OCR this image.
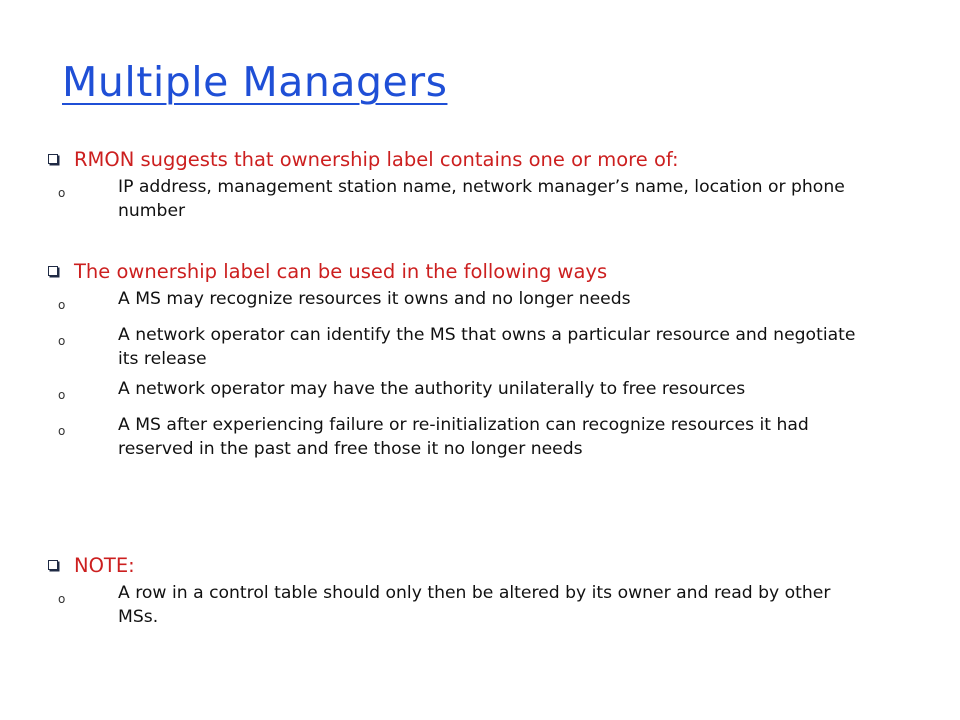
Multiple Managers
RMON suggests that ownership label contains one or more of:
o	IP address, management station name, network manager’s name, location or phone number
The ownership label can be used in the following ways
o	A MS may recognize resources it owns and no longer needs
o	A network operator can identify the MS that owns a particular resource and negotiate its release
o	A network operator may have the authority unilaterally to free resources
o	A MS after experiencing failure or re-initialization can recognize resources it had reserved in the past and free those it no longer needs
NOTE:
o	A row in a control table should only then be altered by its owner and read by other MSs.
